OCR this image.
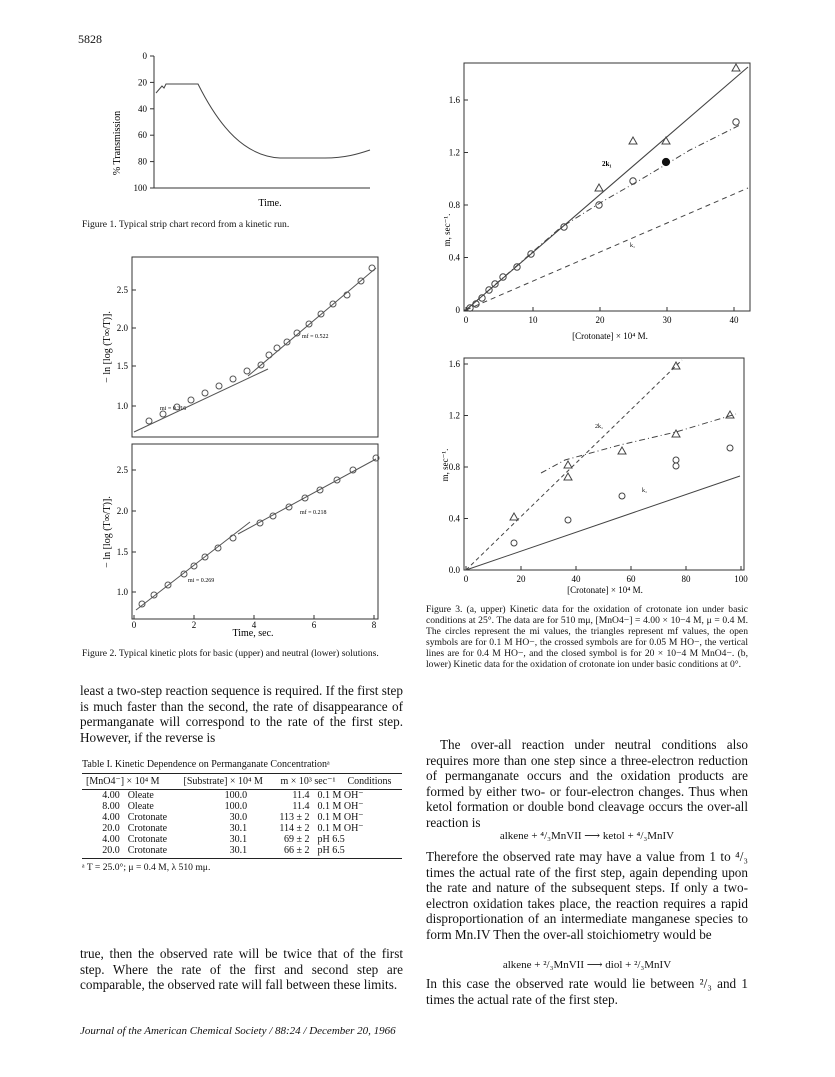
5828
% Transmission
0
20
40
60
80
100
Time.
Figure 1. Typical strip chart record from a kinetic run.
− ln [log (T∞/T)].
− ln [log (T∞/T)].
1.0
1.5
2.0
2.5
1.0
1.5
2.0
2.5
0	2	4	6	8
mi = 0.316
mf = 0.522
mi = 0.269
mf = 0.218
Time, sec.
Figure 2. Typical kinetic plots for basic (upper) and neutral (lower) solutions.
m, sec⁻¹.
0
0.4
0.8
1.2
1.6
0	10	20	30	40
2k₁
k₁
[Crotonate] × 10⁴ M.
m, sec⁻¹.
0.0
0.4
0.8
1.2
1.6
0	20	40	60	80	100
2k₁
k₁
[Crotonate] × 10⁴ M.
Figure 3. (a, upper) Kinetic data for the oxidation of crotonate ion under basic conditions at 25°. The data are for 510 mμ, [MnO4−] = 4.00 × 10−4 M, μ = 0.4 M. The circles represent the mi values, the triangles represent mf values, the open symbols are for 0.1 M HO−, the crossed symbols are for 0.05 M HO−, the vertical lines are for 0.4 M HO−, and the closed symbol is for 20 × 10−4 M MnO4−. (b, lower) Kinetic data for the oxidation of crotonate ion under basic conditions at 0°.
least a two-step reaction sequence is required. If the first step is much faster than the second, the rate of disappearance of permanganate will correspond to the rate of the first step. However, if the reverse is
Table I. Kinetic Dependence on Permanganate Concentrationᵃ
[MnO4⁻] × 10⁴ M	[Substrate] × 10⁴ M	m × 10³ sec⁻¹	Conditions
4.00	Oleate	100.0	11.4	0.1 M OH⁻
8.00	Oleate	100.0	11.4	0.1 M OH⁻
4.00	Crotonate	30.0	113 ± 2	0.1 M OH⁻
20.0	Crotonate	30.1	114 ± 2	0.1 M OH⁻
4.00	Crotonate	30.1	69 ± 2	pH 6.5
20.0	Crotonate	30.1	66 ± 2	pH 6.5
ᵃ T = 25.0°; μ = 0.4 M, λ 510 mμ.
true, then the observed rate will be twice that of the first step. Where the rate of the first and second step are comparable, the observed rate will fall between these limits.
The over-all reaction under neutral conditions also requires more than one step since a three-electron reduction of permanganate occurs and the oxidation products are formed by either two- or four-electron changes. Thus when ketol formation or double bond cleavage occurs the over-all reaction is
alkene + ⁴/₃MnVII ⟶ ketol + ⁴/₃MnIV
Therefore the observed rate may have a value from 1 to ⁴/₃ times the actual rate of the first step, again depending upon the rate and nature of the subsequent steps. If only a two-electron oxidation takes place, the reaction requires a rapid disproportionation of an intermediate manganese species to form Mn.IV Then the over-all stoichiometry would be
alkene + ²/₃MnVII ⟶ diol + ²/₃MnIV
In this case the observed rate would lie between ²/₃ and 1 times the actual rate of the first step.
Journal of the American Chemical Society / 88:24 / December 20, 1966
